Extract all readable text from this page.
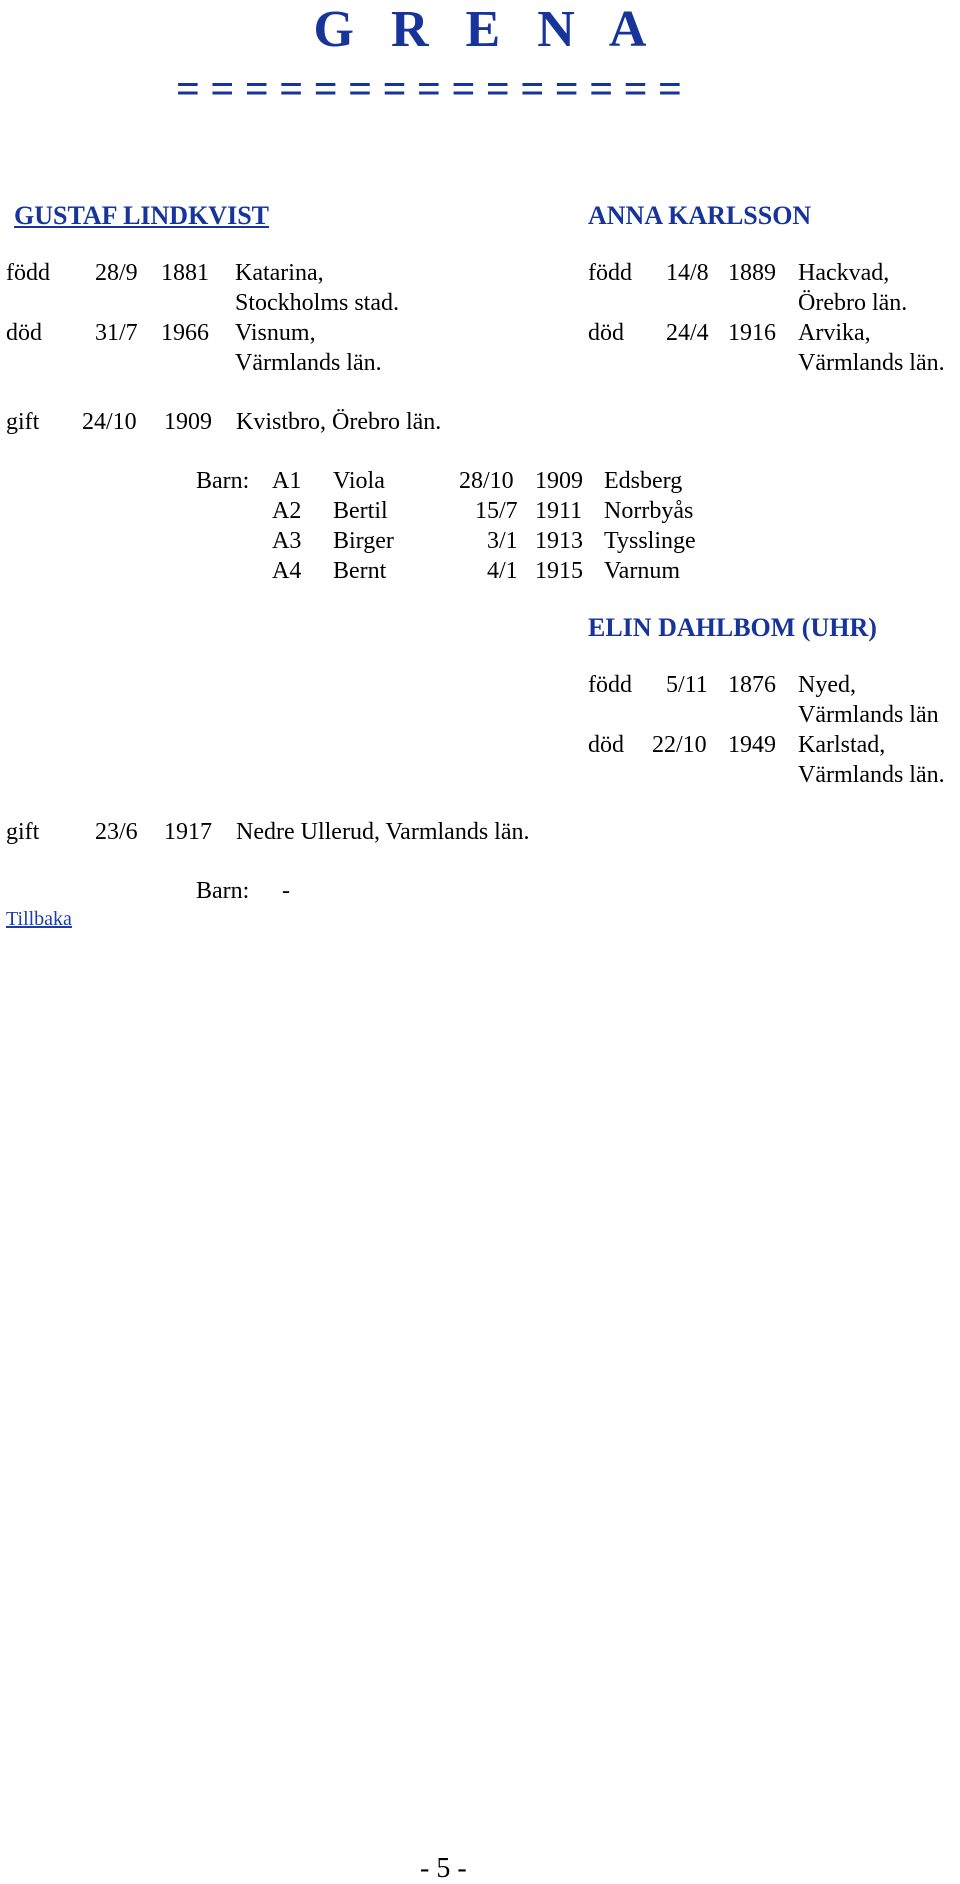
G R E N A
= = = = = = = = = = = = = = =
GUSTAF LINDKVIST
född 28/9 1881 Katarina,
Stockholms stad.
död 31/7 1966 Visnum,
Värmlands län.
ANNA KARLSSON
född 14/8 1889 Hackvad,
Örebro län.
död 24/4 1916 Arvika,
Värmlands län.
gift 24/10 1909 Kvistbro, Örebro län.
Barn: A1 Viola	28/10 1909 Edsberg
A2 Bertil	15/7 1911 Norrbyås
A3 Birger	3/1 1913 Tysslinge
A4 Bernt	4/1 1915 Varnum
ELIN DAHLBOM (UHR)
född 5/11 1876 Nyed,
Värmlands län
död 22/10 1949 Karlstad,
Värmlands län.
gift 23/6 1917 Nedre Ullerud, Varmlands län.
Barn: -
Tillbaka
- 5 -
